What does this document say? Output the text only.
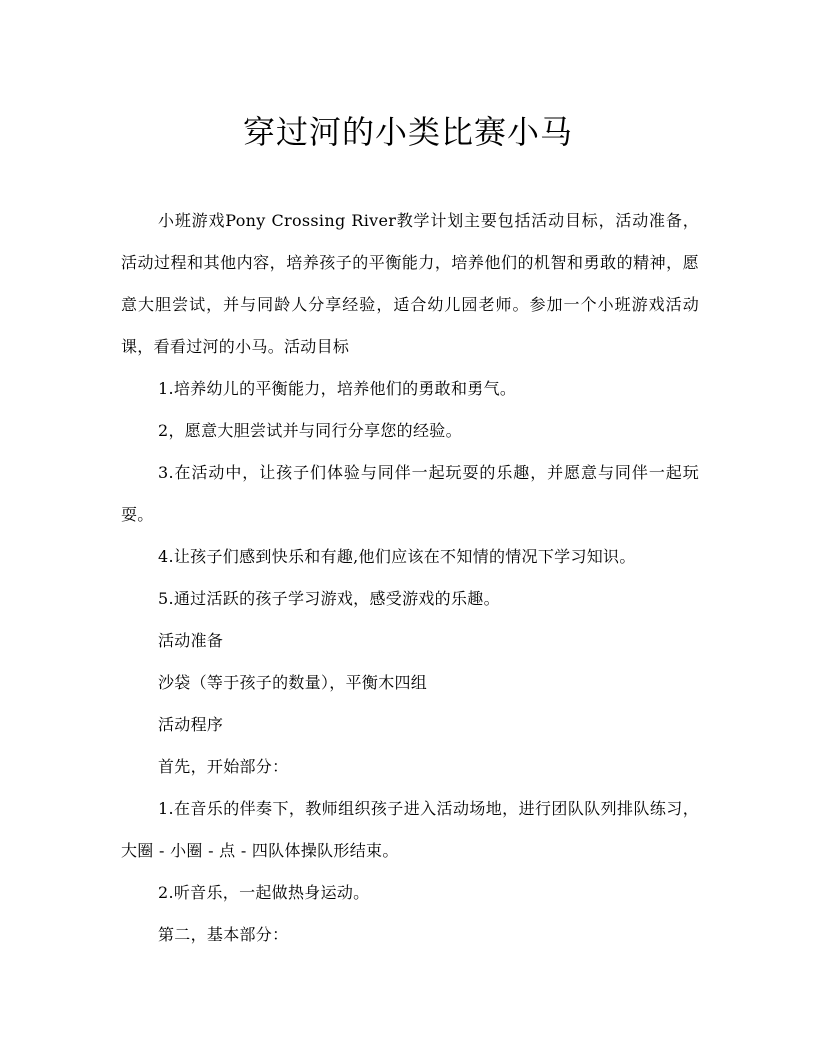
穿过河的小类比赛小马

小班游戏Pony Crossing River教学计划主要包括活动目标，活动准备，活动过程和其他内容，培养孩子的平衡能力，培养他们的机智和勇敢的精神，愿意大胆尝试，并与同龄人分享经验，适合幼儿园老师。参加一个小班游戏活动课，看看过河的小马。活动目标

1.培养幼儿的平衡能力，培养他们的勇敢和勇气。

2，愿意大胆尝试并与同行分享您的经验。

3.在活动中，让孩子们体验与同伴一起玩耍的乐趣，并愿意与同伴一起玩耍。

4.让孩子们感到快乐和有趣,他们应该在不知情的情况下学习知识。

5.通过活跃的孩子学习游戏，感受游戏的乐趣。

活动准备

沙袋（等于孩子的数量），平衡木四组

活动程序

首先，开始部分：

1.在音乐的伴奏下，教师组织孩子进入活动场地，进行团队队列排队练习，大圈 - 小圈 - 点 - 四队体操队形结束。

2.听音乐，一起做热身运动。

第二，基本部分：
